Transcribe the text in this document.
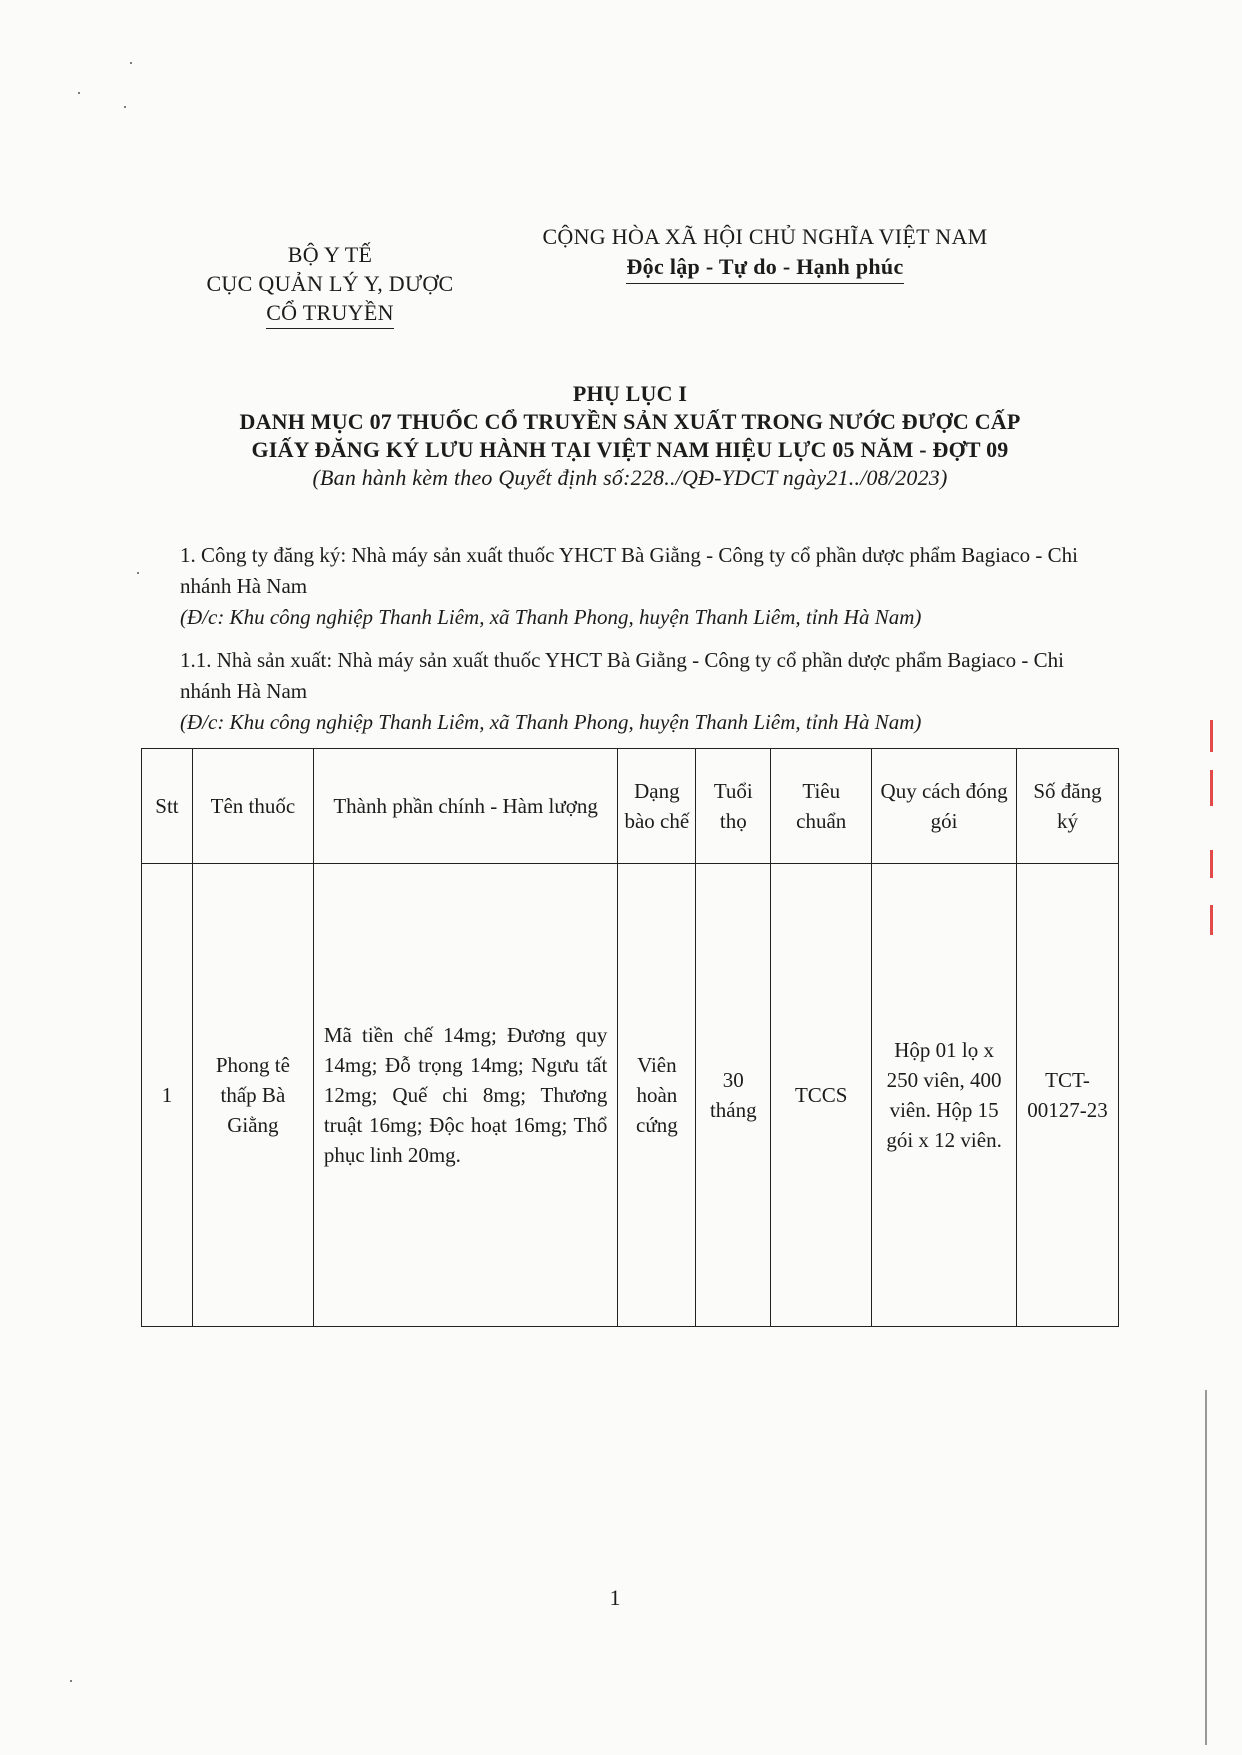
BỘ Y TẾ
CỤC QUẢN LÝ Y, DƯỢC
CỔ TRUYỀN
CỘNG HÒA XÃ HỘI CHỦ NGHĨA VIỆT NAM
Độc lập - Tự do - Hạnh phúc
PHỤ LỤC I
DANH MỤC 07 THUỐC CỔ TRUYỀN SẢN XUẤT TRONG NƯỚC ĐƯỢC CẤP
GIẤY ĐĂNG KÝ LƯU HÀNH TẠI VIỆT NAM HIỆU LỰC 05 NĂM - ĐỢT 09
(Ban hành kèm theo Quyết định số:228../QĐ-YDCT ngày21../08/2023)
1. Công ty đăng ký: Nhà máy sản xuất thuốc YHCT Bà Giằng - Công ty cổ phần dược phẩm Bagiaco - Chi nhánh Hà Nam
(Đ/c: Khu công nghiệp Thanh Liêm, xã Thanh Phong, huyện Thanh Liêm, tỉnh Hà Nam)
1.1. Nhà sản xuất: Nhà máy sản xuất thuốc YHCT Bà Giằng - Công ty cổ phần dược phẩm Bagiaco - Chi nhánh Hà Nam
(Đ/c: Khu công nghiệp Thanh Liêm, xã Thanh Phong, huyện Thanh Liêm, tỉnh Hà Nam)
Stt	Tên thuốc	Thành phần chính - Hàm lượng	Dạng bào chế	Tuổi thọ	Tiêu chuẩn	Quy cách đóng gói	Số đăng ký
1	Phong tê thấp Bà Giằng	Mã tiền chế 14mg; Đương quy 14mg; Đỗ trọng 14mg; Ngưu tất 12mg; Quế chi 8mg; Thương truật 16mg; Độc hoạt 16mg; Thổ phục linh 20mg.	Viên hoàn cứng	30 tháng	TCCS	Hộp 01 lọ x 250 viên, 400 viên. Hộp 15 gói x 12 viên.	TCT-00127-23
1
